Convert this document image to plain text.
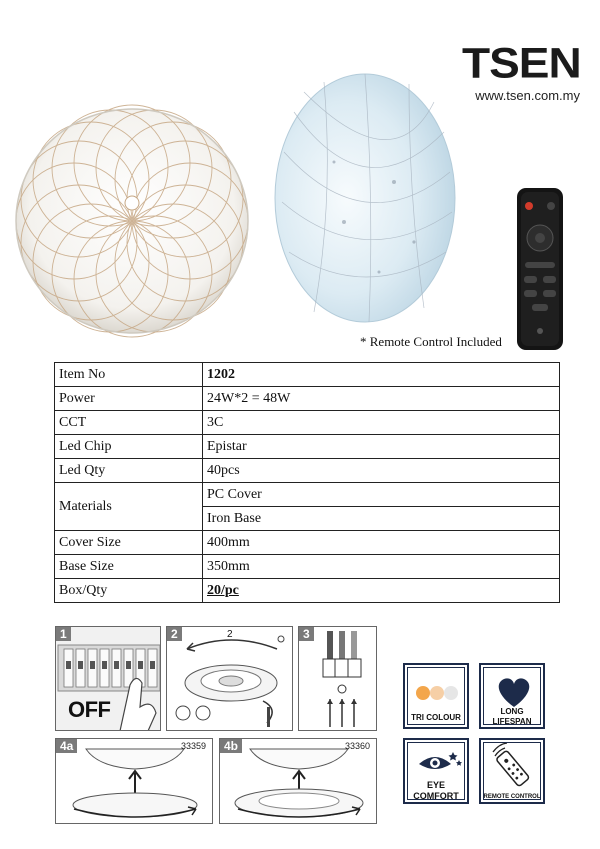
TSEN
www.tsen.com.my
* Remote Control Included
Item No	1202
Power	24W*2 = 48W
CCT	3C
Led Chip	Epistar
Led Qty	40pcs
Materials	PC Cover
	Iron Base
Cover Size	400mm
Base Size	350mm
Box/Qty	20/pc
1
OFF
2	2	3
4a	33359	4b	33360
TRI COLOUR
LONG
LIFESPAN
EYE
COMFORT	REMOTE CONTROL
